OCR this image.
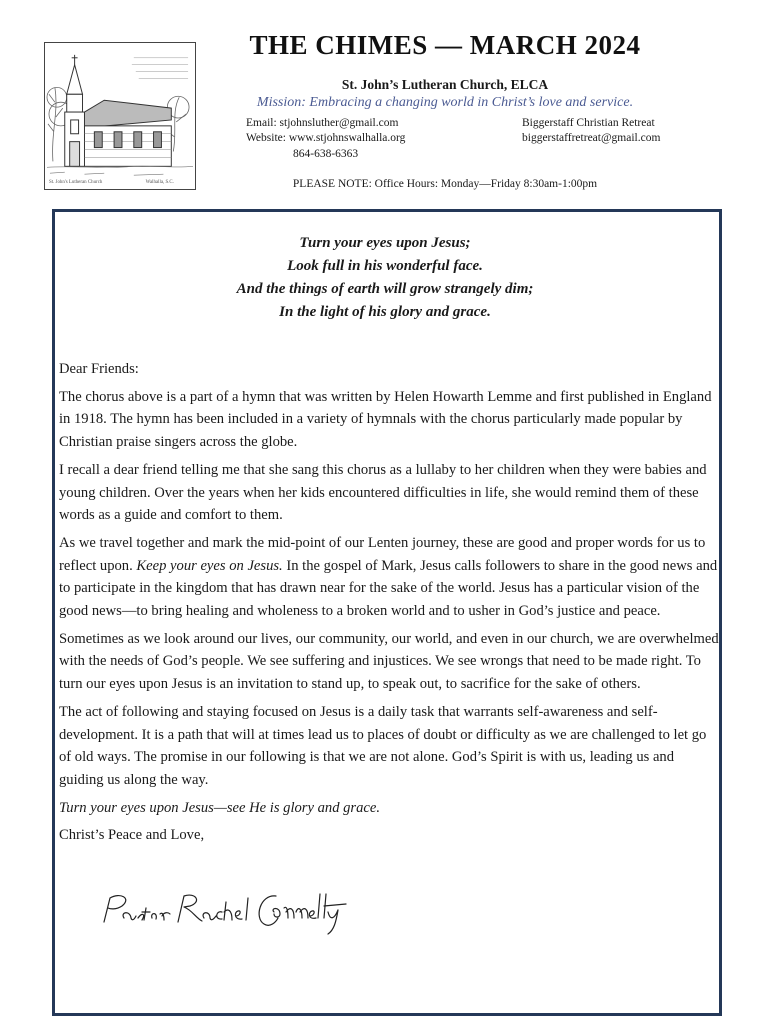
St. John's Lutheran Church	Walhalla, S.C.
THE CHIMES — MARCH 2024
St. John’s Lutheran Church, ELCA
Mission: Embracing a changing world in Christ’s love and service.
Email: stjohnsluther@gmail.com
Website: www.stjohnswalhalla.org
864-638-6363
Biggerstaff Christian Retreat
biggerstaffretreat@gmail.com
PLEASE NOTE: Office Hours: Monday—Friday 8:30am-1:00pm
Turn your eyes upon Jesus;
Look full in his wonderful face.
And the things of earth will grow strangely dim;
In the light of his glory and grace.

Dear Friends:

The chorus above is a part of a hymn that was written by Helen Howarth Lemme and first published in England in 1918. The hymn has been included in a variety of hymnals with the chorus particularly made popular by Christian praise singers across the globe.

I recall a dear friend telling me that she sang this chorus as a lullaby to her children when they were babies and young children. Over the years when her kids encountered difficulties in life, she would remind them of these words as a guide and comfort to them.

As we travel together and mark the mid-point of our Lenten journey, these are good and proper words for us to reflect upon. Keep your eyes on Jesus. In the gospel of Mark, Jesus calls followers to share in the good news and to participate in the kingdom that has drawn near for the sake of the world. Jesus has a particular vision of the good news—to bring healing and wholeness to a broken world and to usher in God’s justice and peace.

Sometimes as we look around our lives, our community, our world, and even in our church, we are overwhelmed with the needs of God’s people. We see suffering and injustices. We see wrongs that need to be made right. To turn our eyes upon Jesus is an invitation to stand up, to speak out, to sacrifice for the sake of others.

The act of following and staying focused on Jesus is a daily task that warrants self-awareness and self-development. It is a path that will at times lead us to places of doubt or difficulty as we are challenged to let go of old ways. The promise in our following is that we are not alone. God’s Spirit is with us, leading us and guiding us along the way.

Turn your eyes upon Jesus—see He is glory and grace.

Christ’s Peace and Love,
